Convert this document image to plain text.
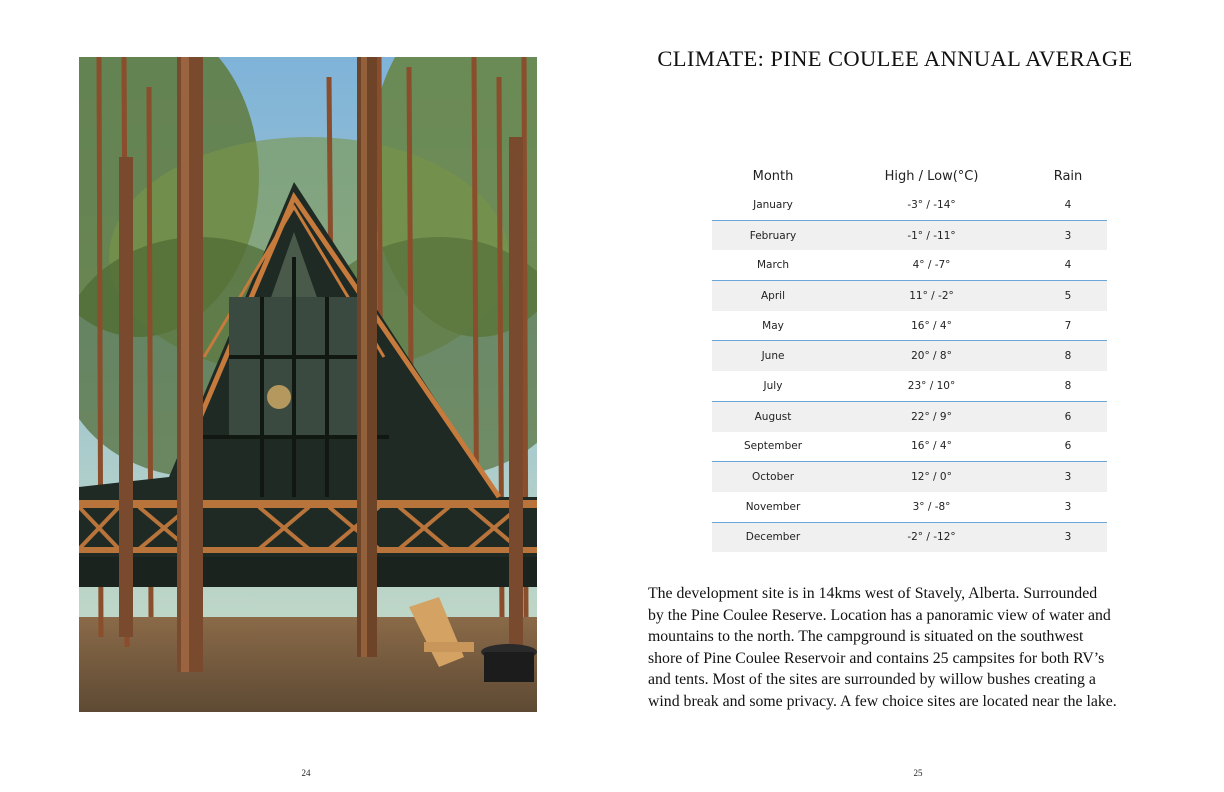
24
CLIMATE: PINE COULEE ANNUAL AVERAGE
Month	High / Low(°C)	Rain
January	-3° / -14°	4
February	-1° / -11°	3
March	4° / -7°	4
April	11° / -2°	5
May	16° / 4°	7
June	20° / 8°	8
July	23° / 10°	8
August	22° / 9°	6
September	16° / 4°	6
October	12° / 0°	3
November	3° / -8°	3
December	-2° / -12°	3
The development site is in 14kms west of Stavely, Alberta. Surrounded
by the Pine Coulee Reserve. Location has a panoramic view of water and
mountains to the north. The campground is situated on the southwest
shore of Pine Coulee Reservoir and contains 25 campsites for both RV’s
and tents. Most of the sites are surrounded by willow bushes creating a
wind break and some privacy. A few choice sites are located near the lake.
25
